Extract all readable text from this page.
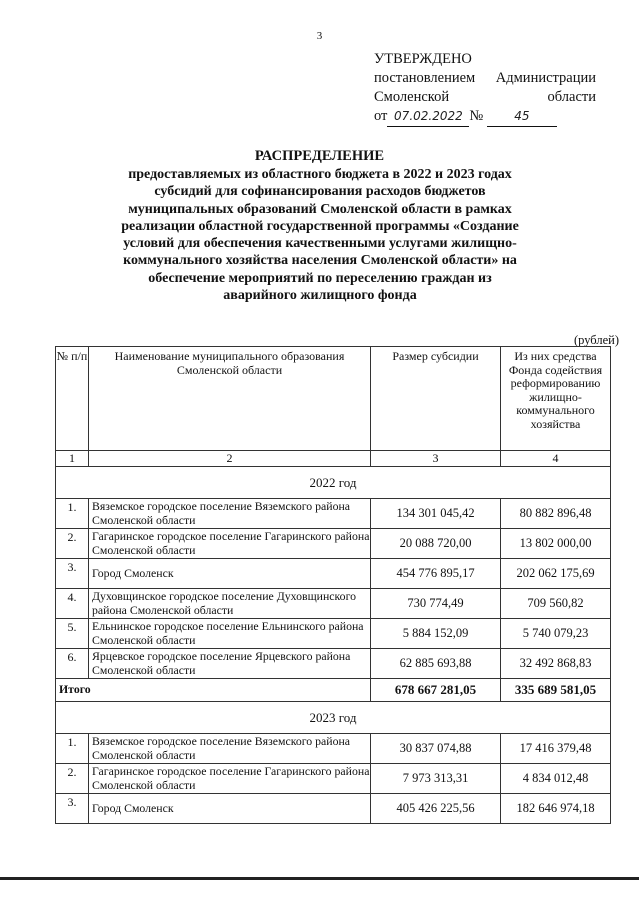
3
УТВЕРЖДЕНО
постановлением Администрации
Смоленской	области
от 07.02.2022 №	45
РАСПРЕДЕЛЕНИЕ
предоставляемых из областного бюджета в 2022 и 2023 годах субсидий для софинансирования расходов бюджетов муниципальных образований Смоленской области в рамках реализации областной государственной программы «Создание условий для обеспечения качественными услугами жилищно-коммунального хозяйства населения Смоленской области» на обеспечение мероприятий по переселению граждан из аварийного жилищного фонда
(рублей)
№ п/п	Наименование муниципального образования Смоленской области	Размер субсидии	Из них средства Фонда содействия реформированию жилищно-коммунального хозяйства
1	2	3	4
2022 год			
1.	Вяземское городское поселение Вяземского района Смоленской области	134 301 045,42	80 882 896,48
2.	Гагаринское городское поселение Гагаринского района Смоленской области	20 088 720,00	13 802 000,00
3.	Город Смоленск	454 776 895,17	202 062 175,69
4.	Духовщинское городское поселение Духовщинского района Смоленской области	730 774,49	709 560,82
5.	Ельнинское городское поселение Ельнинского района Смоленской области	5 884 152,09	5 740 079,23
6.	Ярцевское городское поселение Ярцевского района Смоленской области	62 885 693,88	32 492 868,83
Итого		678 667 281,05	335 689 581,05
2023 год			
1.	Вяземское городское поселение Вяземского района Смоленской области	30 837 074,88	17 416 379,48
2.	Гагаринское городское поселение Гагаринского района Смоленской области	7 973 313,31	4 834 012,48
3.	Город Смоленск	405 426 225,56	182 646 974,18
